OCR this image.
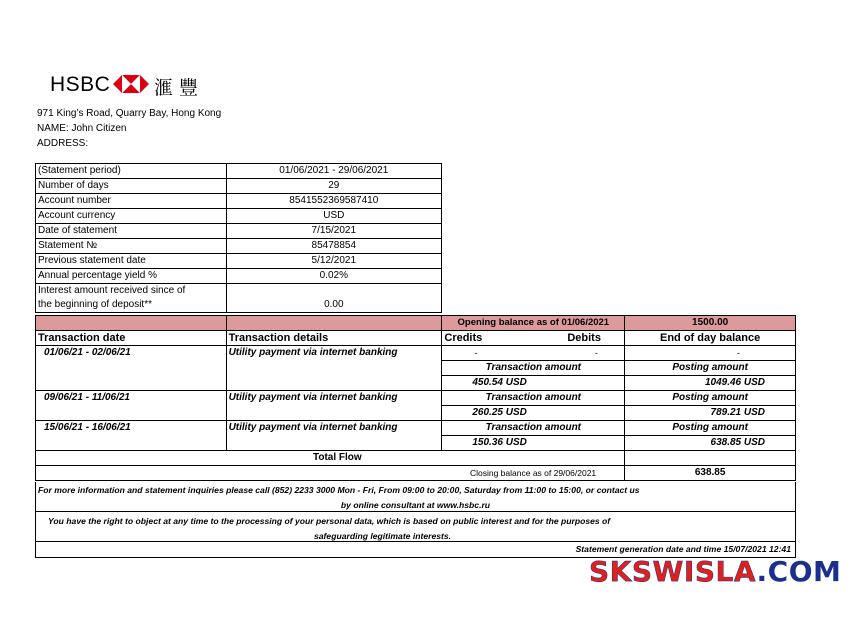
HSBC 滙 豐
971 King’s Road, Quarry Bay, Hong Kong
NAME: John Citizen
ADDRESS:
(Statement period)	01/06/2021 - 29/06/2021
Number of days	29
Account number	8541552369587410
Account currency	USD
Date of statement	7/15/2021
Statement №	85478854
Previous statement date	5/12/2021
Annual percentage yield %	0.02%
Interest amount received since of
the beginning of deposit**	0.00
		Opening balance as of 01/06/2021	1500.00
Transaction date	Transaction details	Credits Debits	End of day balance
01/06/21 - 02/06/21	Utility payment via internet banking	- -	-
		Transaction amount	Posting amount
		450.54 USD	1049.46 USD
09/06/21 - 11/06/21	Utility payment via internet banking	Transaction amount	Posting amount
		260.25 USD	789.21 USD
15/06/21 - 16/06/21	Utility payment via internet banking	Transaction amount	Posting amount
		150.36 USD	638.85 USD
Total Flow			
		Closing balance as of 29/06/2021	638.85
For more information and statement inquiries please call (852) 2233 3000 Mon - Fri, From 09:00 to 20:00, Saturday from 11:00 to 15:00, or contact us
by online consultant at www.hsbc.ru
You have the right to object at any time to the processing of your personal data, which is based on public interest and for the purposes of
safeguarding legitimate interests.
Statement generation date and time 15/07/2021 12:41
SKSWISLA.COM
